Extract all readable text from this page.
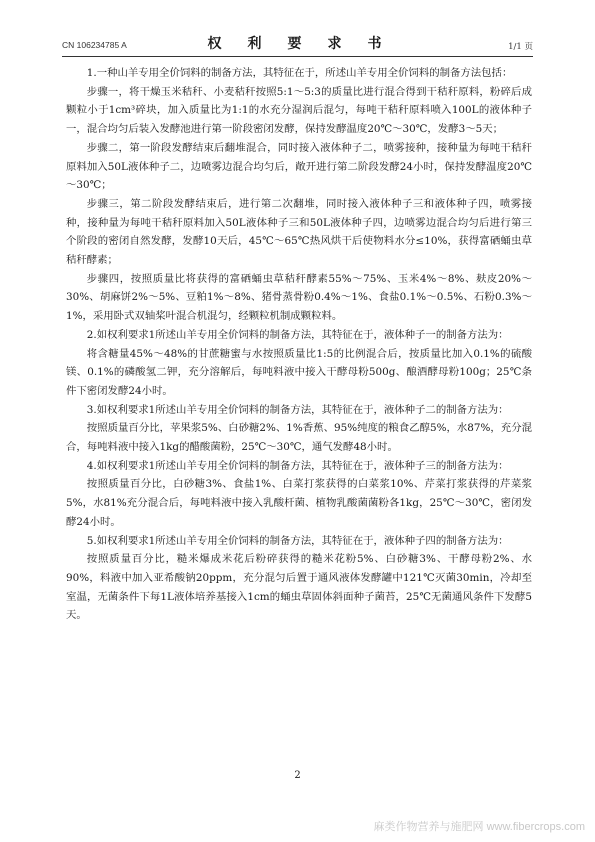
CN 106234785 A	权　利　要　求　书	1/1 页

1.一种山羊专用全价饲料的制备方法，其特征在于，所述山羊专用全价饲料的制备方法包括：

步骤一，将干燥玉米秸秆、小麦秸秆按照5:1～5:3的质量比进行混合得到干秸秆原料，粉碎后成颗粒小于1cm³碎块，加入质量比为1:1的水充分湿润后混匀，每吨干秸秆原料喷入100L的液体种子一，混合均匀后装入发酵池进行第一阶段密闭发酵，保持发酵温度20℃～30℃，发酵3～5天；

步骤二，第一阶段发酵结束后翻堆混合，同时接入液体种子二，喷雾接种，接种量为每吨干秸秆原料加入50L液体种子二，边喷雾边混合均匀后，敞开进行第二阶段发酵24小时，保持发酵温度20℃～30℃；

步骤三，第二阶段发酵结束后，进行第二次翻堆，同时接入液体种子三和液体种子四，喷雾接种，接种量为每吨干秸秆原料加入50L液体种子三和50L液体种子四，边喷雾边混合均匀后进行第三个阶段的密闭自然发酵，发酵10天后，45℃～65℃热风烘干后使物料水分≤10%，获得富硒蛹虫草秸秆酵素；

步骤四，按照质量比将获得的富硒蛹虫草秸秆酵素55%～75%、玉米4%～8%、麸皮20%～30%、胡麻饼2%～5%、豆粕1%～8%、猪骨蒸骨粉0.4%～1%、食盐0.1%～0.5%、石粉0.3%～1%，采用卧式双轴桨叶混合机混匀，经颗粒机制成颗粒料。

2.如权利要求1所述山羊专用全价饲料的制备方法，其特征在于，液体种子一的制备方法为：

将含糖量45%～48%的甘蔗糖蜜与水按照质量比1:5的比例混合后，按质量比加入0.1%的硫酸镁、0.1%的磷酸氢二钾，充分溶解后，每吨料液中接入干酵母粉500g、酿酒酵母粉100g；25℃条件下密闭发酵24小时。

3.如权利要求1所述山羊专用全价饲料的制备方法，其特征在于，液体种子二的制备方法为：

按照质量百分比，苹果浆5%、白砂糖2%、1%香蕉、95%纯度的粮食乙醇5%，水87%，充分混合，每吨料液中接入1kg的醋酸菌粉，25℃～30℃，通气发酵48小时。

4.如权利要求1所述山羊专用全价饲料的制备方法，其特征在于，液体种子三的制备方法为：

按照质量百分比，白砂糖3%、食盐1%、白菜打浆获得的白菜浆10%、芹菜打浆获得的芹菜浆5%，水81%充分混合后，每吨料液中接入乳酸杆菌、植物乳酸菌菌粉各1kg，25℃～30℃，密闭发酵24小时。

5.如权利要求1所述山羊专用全价饲料的制备方法，其特征在于，液体种子四的制备方法为：

按照质量百分比，糙米爆成米花后粉碎获得的糙米花粉5%、白砂糖3%、干酵母粉2%、水90%，料液中加入亚希酸钠20ppm，充分混匀后置于通风液体发酵罐中121℃灭菌30min，冷却至室温，无菌条件下每1L液体培养基接入1cm的蛹虫草固体斜面种子菌苔，25℃无菌通风条件下发酵5天。

2
麻类作物营养与施肥网 www.fibercrops.com
